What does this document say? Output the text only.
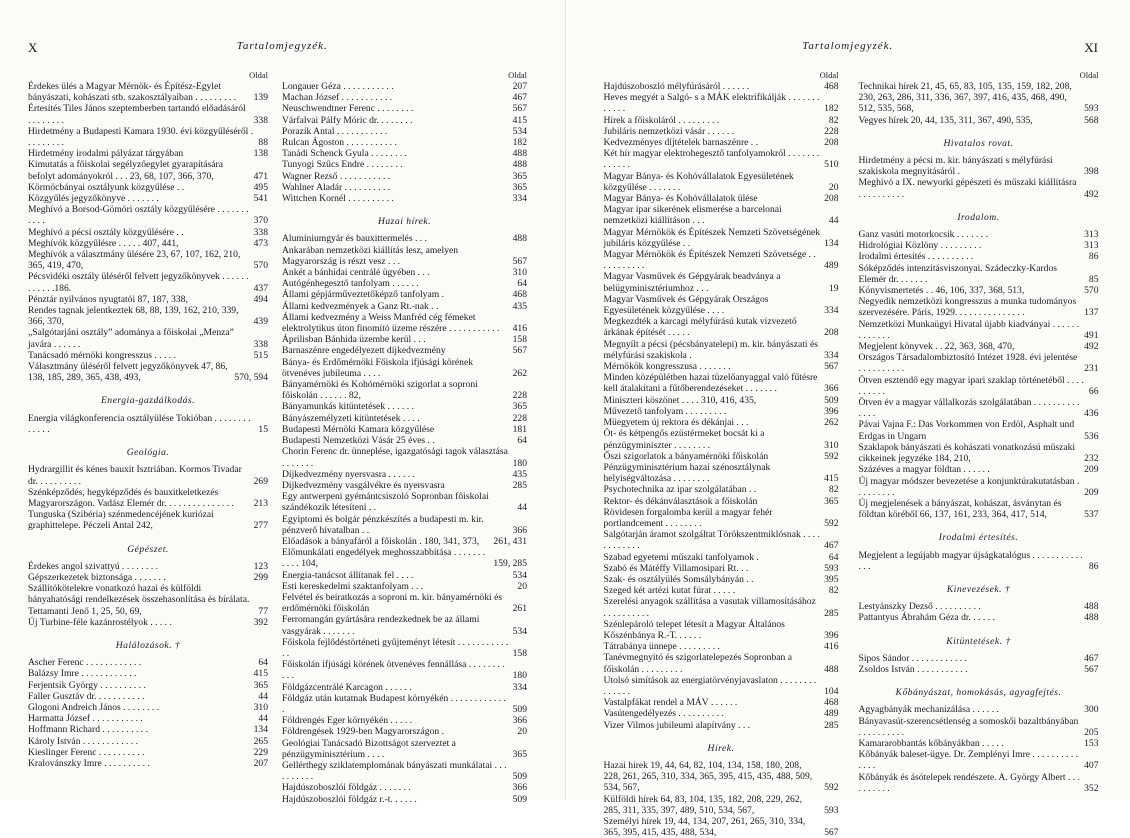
X	Tartalomjegyzék.
Oldal
Érdekes ülés a Magyar Mérnök- és Építész-Egylet bányászati, kohászati stb. szakosztályaiban . . . . . . . . .	139
Értesítés Tiles János szeptemberben tartandó előadásáról . . . . . . . .	338
Hirdetmény a Budapesti Kamara 1930. évi közgyűléséről . . . . . . . . .	88
Hirdetmény irodalmi pályázat tárgyában	138
Kimutatás a főiskolai segélyzőegylet gyarapítására befolyt adományokról . . . 23, 68, 107, 366, 370,	471
Körmöcbányai osztályunk közgyűlése . .	495
Közgyűlés jegyzőkönyve . . . . . . .	541
Meghívó a Borsod-Gömöri osztály közgyűlésére . . . . . . . . . . .	370
Meghívó a pécsi osztály közgyűlésére . .	338
Meghívók közgyűlésre . . . . . 407, 441,	473
Meghívók a választmány ülésére 23, 67, 107, 162, 210, 365, 419, 470,	570
Pécsvidéki osztály üléséről felvett jegyzőkönyvek . . . . . . . . . . . .186.	437
Pénztár nyilvános nyugtatói 87, 187, 338,	494
Rendes tagnak jelentkeztek 68, 88, 139, 162, 210, 339, 366, 370,	439
„Salgótarjáni osztály” adománya a főiskolai „Menza” javára . . . . . .	338
Tanácsadó mérnöki kongresszus . . . . .	515
Választmány üléséről felvett jegyzőkönyvek 47, 86, 138, 185, 289, 365, 438, 493,	570, 594
Energia-gazdálkodás.
Energia világkonferencia osztályülése Tokióban . . . . . . . . . . . . .	15
Geológia.
Hydrargillit és kénes bauxit Isztriában. Kormos Tivadar dr. . . . . . . . . .	269
Szénképződés, hegyképződés és bauxitkeletkezés Magyarországon. Vadász Elemér dr. . . . . . . . . . . . . . .	213
Tunguska (Szibéria) szénmedencéjének kuriózai graphittelepe. Péczeli Antal 242,	277
Gépészet.
Érdekes angol szivattyú . . . . . . . .	123
Gépszerkezetek biztonsága . . . . . . .	299
Szállítókötelekre vonatkozó hazai és külföldi bányahatósági rendelkezések összehasonlítása és bírálata. Tettamanti Jenő 1, 25, 50, 69,	77
Új Turbine-féle kazánrostélyok . . . . .	392
Halálozások. †
Ascher Ferenc . . . . . . . . . . . .	64
Balázsy Imre . . . . . . . . . . . .	415
Ferjentsik György . . . . . . . . . .	365
Faller Gusztáv dr. . . . . . . . . . .	44
Glogoni Andreich János . . . . . . . .	310
Harmatta József . . . . . . . . . . .	44
Hoffmann Richard . . . . . . . . . .	134
Károly István . . . . . . . . . . . .	265
Kieslinger Ferenc . . . . . . . . . .	229
Kralovánszky Imre . . . . . . . . . .	207
Oldal
Longauer Géza . . . . . . . . . . .	207
Machan József . . . . . . . . . . .	467
Neuschwendtner Ferenc . . . . . . . .	567
Várfalvai Pálfy Móric dr. . . . . . . .	415
Porazik Antal . . . . . . . . . . .	534
Rulcan Ágoston . . . . . . . . . . .	182
Tanádi Schenck Gyula . . . . . . . .	488
Tunyogi Szűcs Endre . . . . . . . .	488
Wagner Rezső . . . . . . . . . . .	365
Wahlner Aladár . . . . . . . . . .	365
Wittchen Kornél . . . . . . . . . .	334
Hazai hírek.
Alumíniumgyár és bauxittermelés . . .	488
Ankarában nemzetközi kiállítás lesz, amelyen Magyarország is részt vesz . . .	567
Ankét a bánhidai centrálé ügyében . . .	310
Autógénhegesztő tanfolyam . . . . . .	64
Állami gépjárműveztetőképző tanfolyam .	468
Állami kedvezmények a Ganz Rt.-nak . .	435
Állami kedvezmény a Weiss Manfréd cég fémeket elektrolytikus úton finomító üzeme részére . . . . . . . . . . .	416
Áprilisban Bánhida üzembe kerül . . .	158
Barnaszénre engedélyezett díjkedvezmény	567
Bánya- és Erdőmérnöki Főiskola ifjúsági körének ötvenéves jubileuma . . . .	262
Bányamérnöki és Kohómérnöki szigorlat a soproni főiskolán . . . . . . 82,	228
Bányamunkás kitüntetések . . . . . .	365
Bányászemélyzeti kitüntetések . . . .	228
Budapesti Mérnöki Kamara közgyűlése	181
Budapesti Nemzetközi Vásár 25 éves . .	64
Chorin Ferenc dr. ünneplése, igazgatósági tagok választása . . . . . . .	180
Díjkedvezmény nyersvasra . . . . . .	435
Díjkedvezmény vasgálvékre és nyersvasra	285
Egy antwerpeni gyémántcsiszoló Sopronban főiskolai szándékozik létesíteni . .	44
Egyiptomi és bolgár pénzkészítés a budapesti m. kir. pénzverő hivatalban . .	366
Előadások a bányafáról a főiskolán . 180, 341, 373,	261, 431
Előmunkálati engedélyek meghosszabbítása . . . . . . . . . . . 104,	159, 285
Energia-tanácsot állítanak fel . . . .	534
Esti kereskedelmi szaktanfolyam . . .	20
Felvétel és beiratkozás a soproni m. kir. bányamérnöki és erdőmérnöki főiskolán	261
Ferromangán gyártására rendezkednek be az állami vasgyárak . . . . . . .	534
Főiskola fejlődéstörténeti gyűjteményt létesít . . . . . . . . . . . . .	158
Főiskolán ifjúsági körének ötvenéves fennállása . . . . . . . . . . .	180
Földgázcentrálé Karcagon . . . . . .	334
Földgáz után kutatnak Budapest környékén . . . . . . . . . . . . .	509
Földrengés Eger környékén . . . . .	366
Földrengések 1929-ben Magyarországon .	20
Geológiai Tanácsadó Bizottságot szerveztet a pénzügyminisztérium . . . .	365
Gellérthegy sziklatemplomának bányászati munkálatai . . . . . . . . . .	509
Hajdúszoboszlói földgáz . . . . . . .	366
Hajdúszoboszlói földgáz r.-t. . . . . .	509
XI
Tartalomjegyzék.
Oldal
Hajdúszoboszló mélyfúrásáról . . . . . .	468
Heves megyét a Salgó- s a MÁK elektrifikálják . . . . . . . . . . . .	182
Hírek a főiskoláról . . . . . . . . .	82
Jubiláris nemzetközi vásár . . . . . .	228
Kedvezményes díjtételek barnaszénre . .	208
Két hír magyar elektrohegesztő tanfolyamokról . . . . . . . . . . . . .	510
Magyar Bánya- és Kohóvállalatok Egyesületének közgyűlése . . . . . . .	20
Magyar Bánya- és Kohóvállalatok ülése	208
Magyar ipar sikerének elismerése a barcelonai nemzetközi kiállításon . . .	44
Magyar Mérnökök és Építészek Nemzeti Szövetségének jubiláris közgyűlése . .	134
Magyar Mérnökök és Építészek Nemzeti Szövetsége . . . . . . . . . . .	489
Magyar Vasművek és Gépgyárak beadványa a belügyminisztériumhoz . . .	19
Magyar Vasművek és Gépgyárak Országos Egyesületének közgyűlése . . . .	334
Megkezdték a karcagi mélyfúrású kutak vízvezető árkának építését . . . . .	208
Megnyílt a pécsi (pécsbányatelepi) m. kir. bányászati és mélyfúrási szakiskola .	334
Mérnökök kongresszusa . . . . . . .	567
Minden középülétben hazai tüzelőanyaggal való fűtésre kell átalakítani a fűtőberendezéseket . . . . . . .	366
Miniszteri köszönet . . . . 310, 416, 435,	509
Művezető tanfolyam . . . . . . . . .	396
Müegyetem új rektora és dékánjai . . .	262
Öt- és kétpengős ezüstérmeket bocsát ki a pénzügyminiszter . . . . . . . .	310
Őszi szigorlatok a bányamérnöki főiskolán	592
Pénzügyminisztérium hazai szénosztálynak helyiségváltozása . . . . . . . .	415
Psychotechnika az ipar szolgálatában . .	82
Rektor- és dékánválasztások a főiskolán	365
Rövidesen forgalomba kerül a magyar fehér portlandcement . . . . . . . .	592
Salgótarján áramot szolgáltat Törökszentmiklósnak . . . . . . . . . . . .	467
Szabad egyetemi műszaki tanfolyamok .	64
Szabó és Mátéffy Villamosipari Rt. . .	593
Szak- és osztályülés Somsálybányán . .	395
Szeged két artézi kutat fúrat . . . . .	82
Szerelési anyagok szállítása a vasutak villamosításához . . . . . . . . . .	285
Szénlepároló telepet létesít a Magyar Általános Kőszénbánya R.-T. . . . . .	396
Tátrabánya ünnepe . . . . . . . . .	416
Tanévmegnyitó és szigorlatelepezés Sopronban a főiskolán . . . . . . . . .	488
Utolsó simítások az energiatörvényjavaslaton . . . . . . . . . . . . . .	104
Vastalpfákat rendel a MÁV . . . . . .	468
Vasútengedélyezés . . . . . . . . . .	489
Vizer Vilmos jubileumi alapítvány . . .	285
Hírek.
Hazai hírek 19, 44, 64, 82, 104, 134, 158, 180, 208, 228, 261, 265, 310, 334, 365, 395, 415, 435, 488, 509, 534, 567,	592
Külföldi hírek 64, 83, 104, 135, 182, 208, 229, 262, 285, 311, 335, 397, 489, 510, 534, 567,	593
Személyi hírek 19, 44, 134, 207, 261, 265, 310, 334, 365, 395, 415, 435, 488, 534,	567
Oldal
Technikai hírek 21, 45, 65, 83, 105, 135, 159, 182, 208, 230, 263, 286, 311, 336, 367, 397, 416, 435, 468, 490, 512, 535, 568,	593
Vegyes hírek 20, 44, 135, 311, 367, 490, 535,	568
Hivatalos rovat.
Hirdetmény a pécsi m. kir. bányászati s mélyfúrási szakiskola megnyitásáról .	398
Meghívó a IX. newyorki gépészeti és műszaki kiállításra . . . . . . . . . .	492
Irodalom.
Ganz vasúti motorkocsik . . . . . . .	313
Hidrológiai Közlöny . . . . . . . . .	313
Irodalmi értesítés . . . . . . . . . .	86
Sóképződés intenzitásviszonyai. Szádeczky-Kardos Elemér dr. . . . . . .	85
Könyvismertetés . . 46, 106, 337, 368, 513,	570
Negyedik nemzetközi kongresszus a munka tudományos szervezésére. Páris, 1929. . . . . . . . . . . . . . .	137
Nemzetközi Munkaügyi Hivatal újabb kiadványai . . . . . . . . . . . . .	491
Megjelent könyvek . . 22, 363, 368, 470,	492
Országos Társadalombiztosító Intézet 1928. évi jelentése . . . . . . . . . .	231
Ötven esztendő egy magyar ipari szaklap történetéből . . . . . . . . . .	66
Ötven év a magyar vállalkozás szolgálatában . . . . . . . . . . . . . .	436
Pávai Vajna F.: Das Vorkommen von Erdöl, Asphalt und Erdgas in Ungarn	536
Szaklapok bányászati és kohászati vonatkozású műszaki cikkeinek jegyzéke 184, 210,	232
Százéves a magyar földtan . . . . . .	209
Új magyar módszer bevezetése a konjunktúrakutatásban . . . . . . . . .	209
Új megjelenések a bányászat, kohászat, ásványtan és földtan köréből 66, 137, 161, 233, 364, 417, 514,	537
Irodalmi értesítés.
Megjelent a legújabb magyar újságkatalógus . . . . . . . . . . . . . .	86
Kinevezések. †
Lestyánszky Dezső . . . . . . . . . .	488
Pattantyus Ábrahám Géza dr. . . . . .	488
Kitüntetések. †
Sipos Sándor . . . . . . . . . . . .	467
Zsoldos István . . . . . . . . . . .	567
Kőbányászat, homokásás, agyagfejtés.
Agyagbányák mechanizálása . . . . . .	300
Bányavasút-szerencsétlenség a somoskői bazaltbányában . . . . . . . . . .	205
Kamararobbantás kőbányákban . . . . .	153
Kőbányák baleset-ügye. Dr. Zemplényi Imre . . . . . . . . . . . . . .	407
Kőbányák és ásótelepek rendészete. A. György Albert . . . . . . . . . .	352
